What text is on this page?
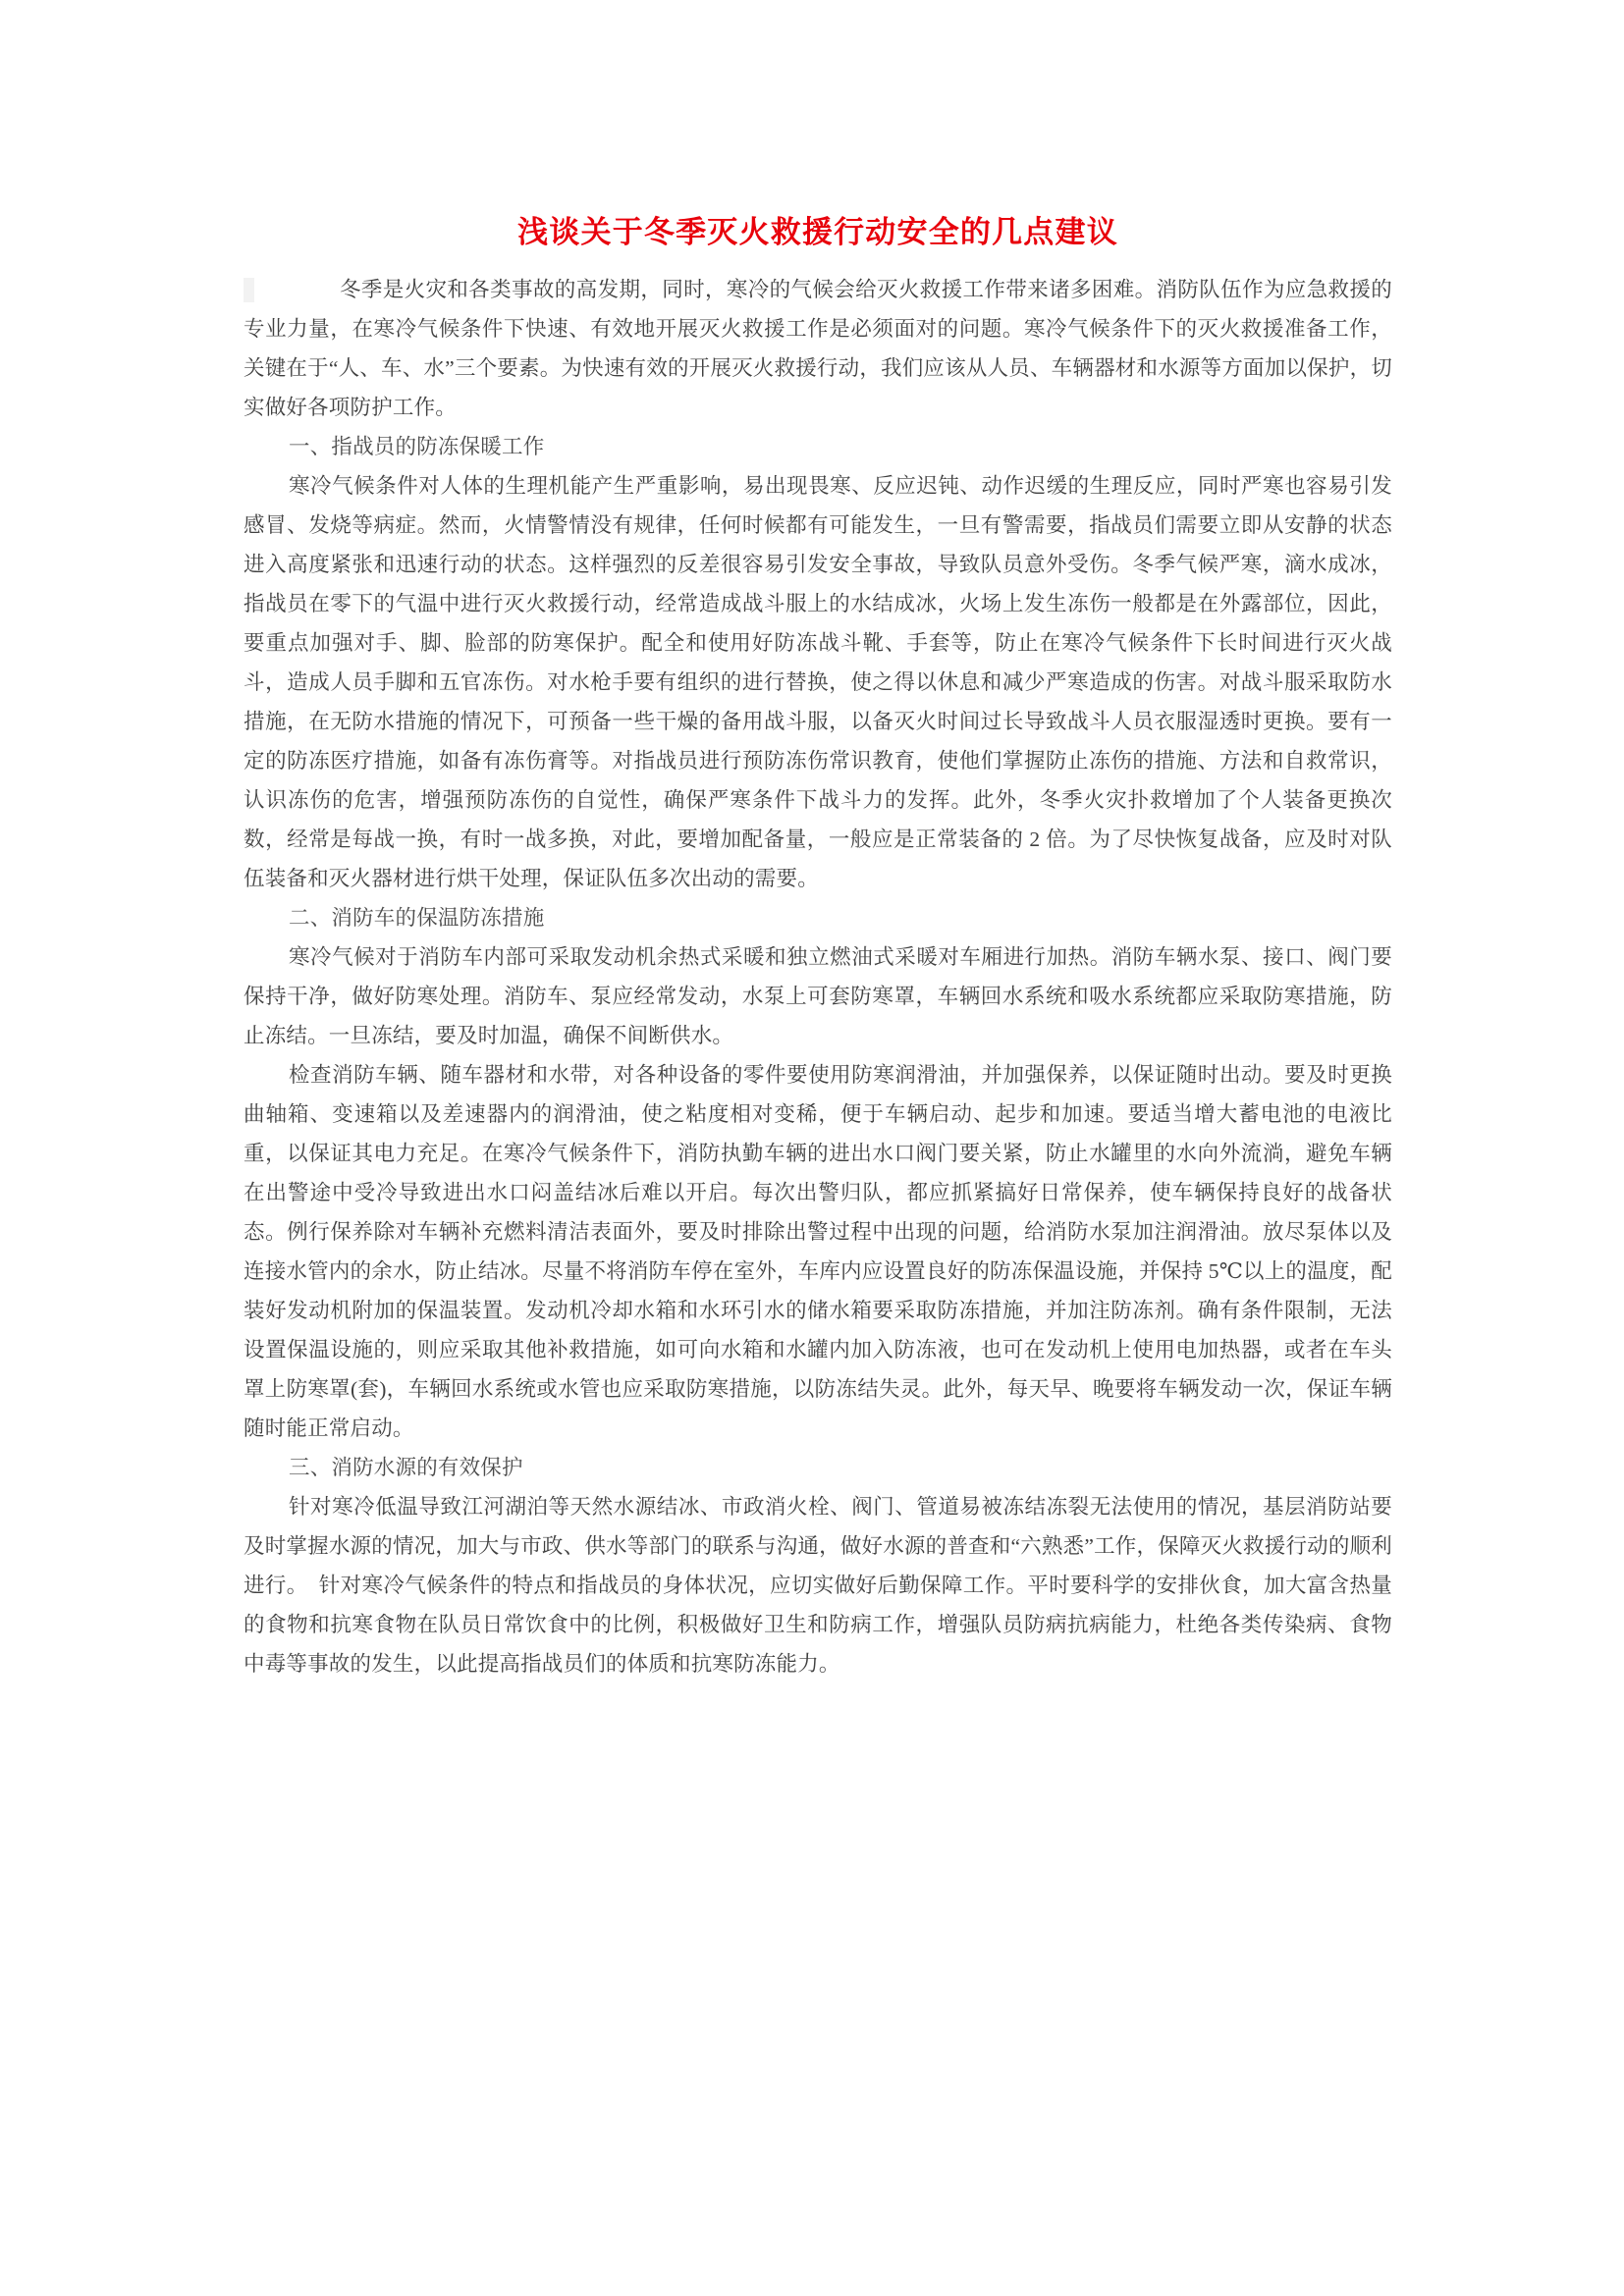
浅谈关于冬季灭火救援行动安全的几点建议

冬季是火灾和各类事故的高发期，同时，寒冷的气候会给灭火救援工作带来诸多困难。消防队伍作为应急救援的专业力量，在寒冷气候条件下快速、有效地开展灭火救援工作是必须面对的问题。寒冷气候条件下的灭火救援准备工作，关键在于“人、车、水”三个要素。为快速有效的开展灭火救援行动，我们应该从人员、车辆器材和水源等方面加以保护，切实做好各项防护工作。

一、指战员的防冻保暖工作

寒冷气候条件对人体的生理机能产生严重影响，易出现畏寒、反应迟钝、动作迟缓的生理反应，同时严寒也容易引发感冒、发烧等病症。然而，火情警情没有规律，任何时候都有可能发生，一旦有警需要，指战员们需要立即从安静的状态进入高度紧张和迅速行动的状态。这样强烈的反差很容易引发安全事故，导致队员意外受伤。冬季气候严寒，滴水成冰，指战员在零下的气温中进行灭火救援行动，经常造成战斗服上的水结成冰，火场上发生冻伤一般都是在外露部位，因此，要重点加强对手、脚、脸部的防寒保护。配全和使用好防冻战斗靴、手套等，防止在寒冷气候条件下长时间进行灭火战斗，造成人员手脚和五官冻伤。对水枪手要有组织的进行替换，使之得以休息和减少严寒造成的伤害。对战斗服采取防水措施，在无防水措施的情况下，可预备一些干燥的备用战斗服，以备灭火时间过长导致战斗人员衣服湿透时更换。要有一定的防冻医疗措施，如备有冻伤膏等。对指战员进行预防冻伤常识教育，使他们掌握防止冻伤的措施、方法和自救常识，认识冻伤的危害，增强预防冻伤的自觉性，确保严寒条件下战斗力的发挥。此外，冬季火灾扑救增加了个人装备更换次数，经常是每战一换，有时一战多换，对此，要增加配备量，一般应是正常装备的 2 倍。为了尽快恢复战备，应及时对队伍装备和灭火器材进行烘干处理，保证队伍多次出动的需要。

二、消防车的保温防冻措施

寒冷气候对于消防车内部可采取发动机余热式采暖和独立燃油式采暖对车厢进行加热。消防车辆水泵、接口、阀门要保持干净，做好防寒处理。消防车、泵应经常发动，水泵上可套防寒罩，车辆回水系统和吸水系统都应采取防寒措施，防止冻结。一旦冻结，要及时加温，确保不间断供水。

检查消防车辆、随车器材和水带，对各种设备的零件要使用防寒润滑油，并加强保养，以保证随时出动。要及时更换曲轴箱、变速箱以及差速器内的润滑油，使之粘度相对变稀，便于车辆启动、起步和加速。要适当增大蓄电池的电液比重，以保证其电力充足。在寒冷气候条件下，消防执勤车辆的进出水口阀门要关紧，防止水罐里的水向外流淌，避免车辆在出警途中受冷导致进出水口闷盖结冰后难以开启。每次出警归队，都应抓紧搞好日常保养，使车辆保持良好的战备状态。例行保养除对车辆补充燃料清洁表面外，要及时排除出警过程中出现的问题，给消防水泵加注润滑油。放尽泵体以及连接水管内的余水，防止结冰。尽量不将消防车停在室外，车库内应设置良好的防冻保温设施，并保持 5℃以上的温度，配装好发动机附加的保温装置。发动机冷却水箱和水环引水的储水箱要采取防冻措施，并加注防冻剂。确有条件限制，无法设置保温设施的，则应采取其他补救措施，如可向水箱和水罐内加入防冻液，也可在发动机上使用电加热器，或者在车头罩上防寒罩(套)，车辆回水系统或水管也应采取防寒措施，以防冻结失灵。此外，每天早、晚要将车辆发动一次，保证车辆随时能正常启动。

三、消防水源的有效保护

针对寒冷低温导致江河湖泊等天然水源结冰、市政消火栓、阀门、管道易被冻结冻裂无法使用的情况，基层消防站要及时掌握水源的情况，加大与市政、供水等部门的联系与沟通，做好水源的普查和“六熟悉”工作，保障灭火救援行动的顺利进行。　针对寒冷气候条件的特点和指战员的身体状况，应切实做好后勤保障工作。平时要科学的安排伙食，加大富含热量的食物和抗寒食物在队员日常饮食中的比例，积极做好卫生和防病工作，增强队员防病抗病能力，杜绝各类传染病、食物中毒等事故的发生，以此提高指战员们的体质和抗寒防冻能力。
